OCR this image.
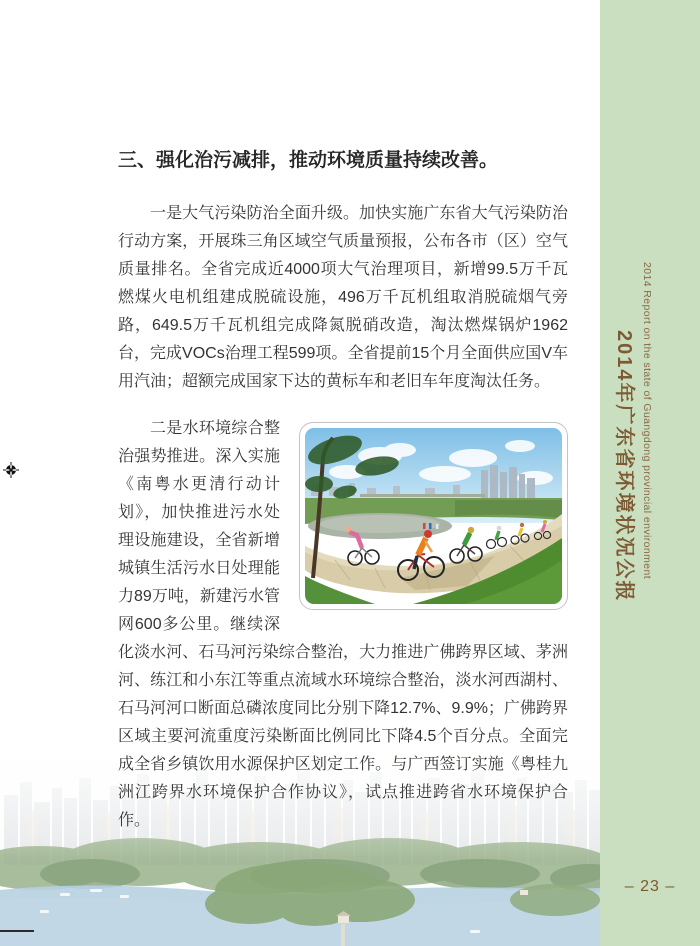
2014 Report on the state of Guangdong provincial environment
2014年广东省环境状况公报
– 23 –
三、强化治污减排，推动环境质量持续改善。

一是大气污染防治全面升级。加快实施广东省大气污染防治行动方案，开展珠三角区域空气质量预报，公布各市（区）空气质量排名。全省完成近4000项大气治理项目，新增99.5万千瓦燃煤火电机组建成脱硫设施，496万千瓦机组取消脱硫烟气旁路，649.5万千瓦机组完成降氮脱硝改造，淘汰燃煤锅炉1962台，完成VOCs治理工程599项。全省提前15个月全面供应国V车用汽油；超额完成国家下达的黄标车和老旧车年度淘汰任务。

二是水环境综合整治强势推进。深入实施《南粤水更清行动计划》，加快推进污水处理设施建设，全省新增城镇生活污水日处理能力89万吨，新建污水管网600多公里。继续深化淡水河、石马河污染综合整治，大力推进广佛跨界区域、茅洲河、练江和小东江等重点流域水环境综合整治，淡水河西湖村、石马河河口断面总磷浓度同比分别下降12.7%、9.9%；广佛跨界区域主要河流重度污染断面比例同比下降4.5个百分点。全面完成全省乡镇饮用水源保护区划定工作。与广西签订实施《粤桂九洲江跨界水环境保护合作协议》，试点推进跨省水环境保护合作。
